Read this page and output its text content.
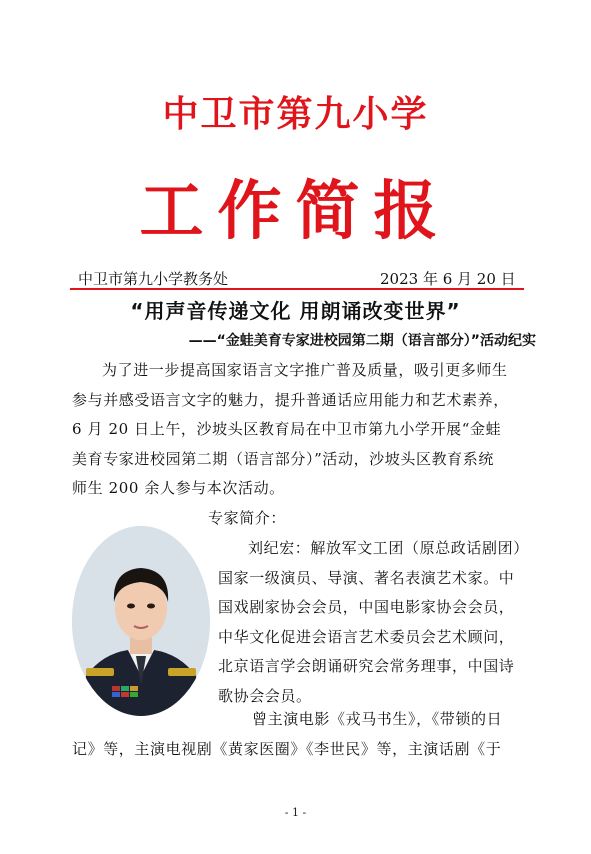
中卫市第九小学
工作简报
中卫市第九小学教务处	2023 年 6 月 20 日
“用声音传递文化 用朗诵改变世界”
——“金蛙美育专家进校园第二期（语言部分）”活动纪实
为了进一步提高国家语言文字推广普及质量，吸引更多师生
参与并感受语言文字的魅力，提升普通话应用能力和艺术素养，
6 月 20 日上午，沙坡头区教育局在中卫市第九小学开展“金蛙
美育专家进校园第二期（语言部分）”活动，沙坡头区教育系统
师生 200 余人参与本次活动。
专家简介：
刘纪宏：解放军文工团（原总政话剧团）
国家一级演员、导演、著名表演艺术家。中
国戏剧家协会会员，中国电影家协会会员，
中华文化促进会语言艺术委员会艺术顾问，
北京语言学会朗诵研究会常务理事，中国诗
歌协会会员。
曾主演电影《戎马书生》，《带锁的日
记》等，主演电视剧《黄家医圈》《李世民》等，主演话剧《于
- 1 -
